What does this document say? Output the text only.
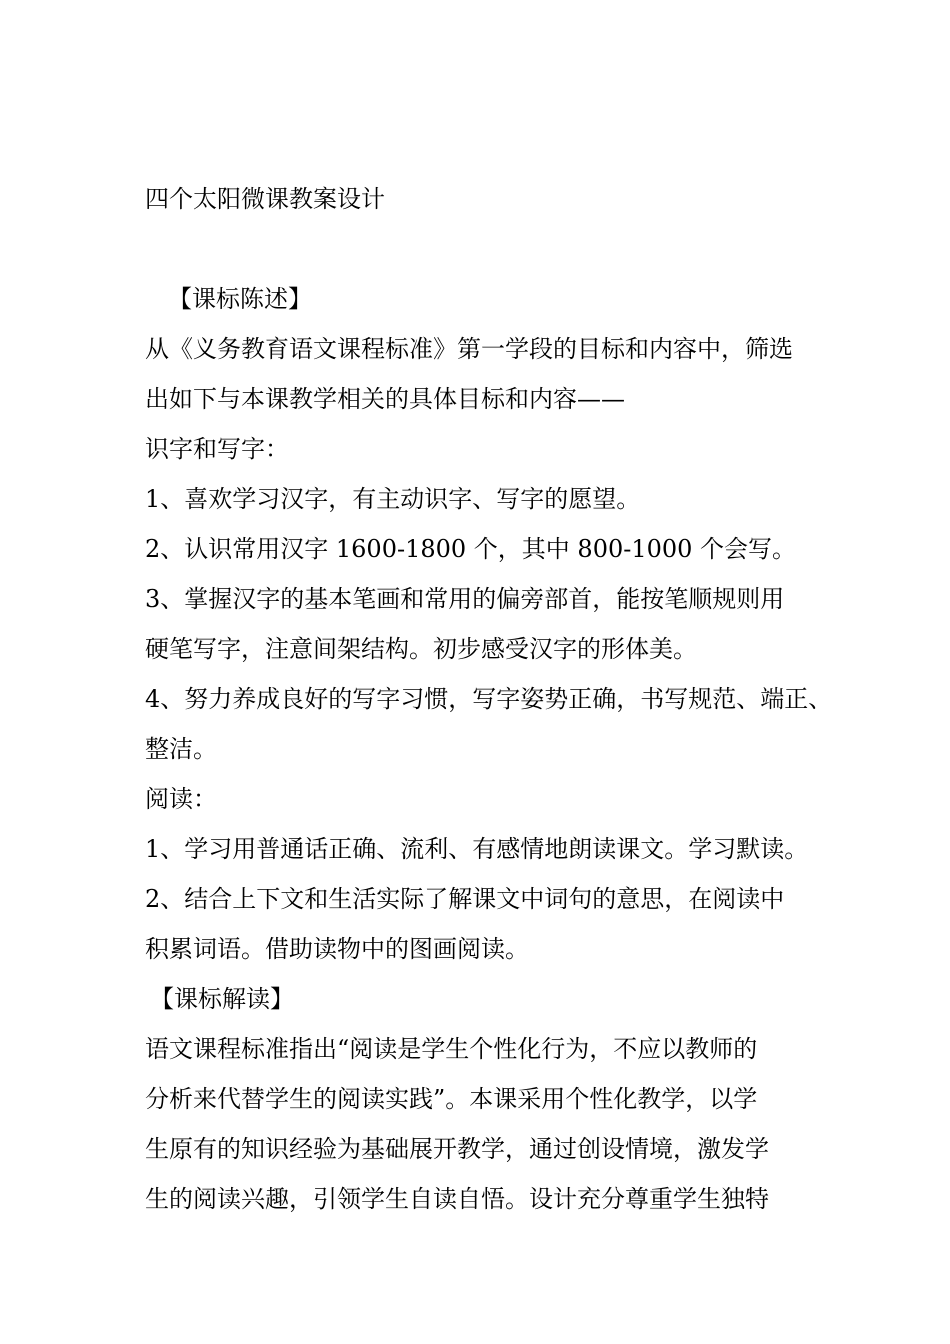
四个太阳微课教案设计
【课标陈述】
从《义务教育语文课程标准》第一学段的目标和内容中，筛选
出如下与本课教学相关的具体目标和内容——
识字和写字：
1、喜欢学习汉字，有主动识字、写字的愿望。
2、认识常用汉字 1600-1800 个，其中 800-1000 个会写。
3、掌握汉字的基本笔画和常用的偏旁部首，能按笔顺规则用
硬笔写字，注意间架结构。初步感受汉字的形体美。
4、努力养成良好的写字习惯，写字姿势正确，书写规范、端正、
整洁。
阅读：
1、学习用普通话正确、流利、有感情地朗读课文。学习默读。
2、结合上下文和生活实际了解课文中词句的意思，在阅读中
积累词语。借助读物中的图画阅读。
【课标解读】
语文课程标准指出“阅读是学生个性化行为，不应以教师的
分析来代替学生的阅读实践”。本课采用个性化教学，以学
生原有的知识经验为基础展开教学，通过创设情境，激发学
生的阅读兴趣，引领学生自读自悟。设计充分尊重学生独特
